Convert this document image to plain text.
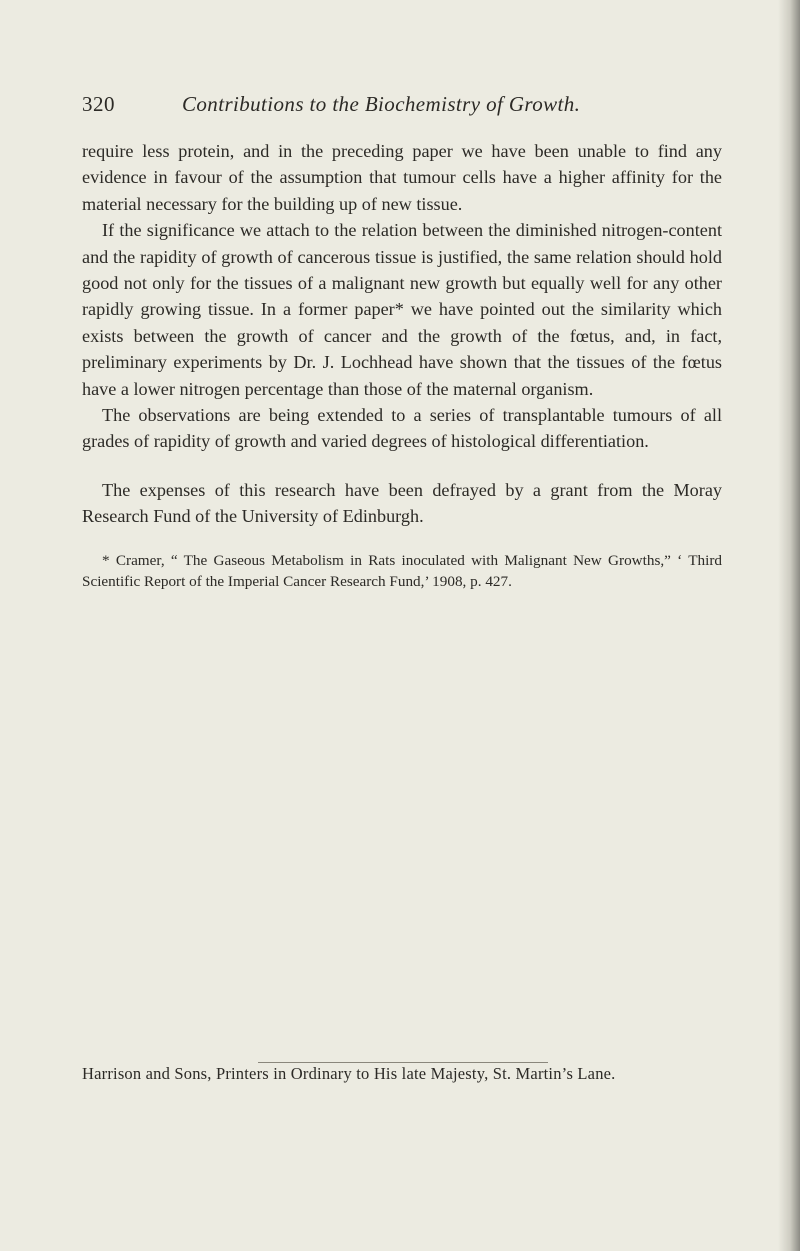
320	Contributions to the Biochemistry of Growth.

require less protein, and in the preceding paper we have been unable to find any evidence in favour of the assumption that tumour cells have a higher affinity for the material necessary for the building up of new tissue.

If the significance we attach to the relation between the diminished nitrogen-content and the rapidity of growth of cancerous tissue is justified, the same relation should hold good not only for the tissues of a malignant new growth but equally well for any other rapidly growing tissue. In a former paper* we have pointed out the similarity which exists between the growth of cancer and the growth of the fœtus, and, in fact, preliminary experiments by Dr. J. Lochhead have shown that the tissues of the fœtus have a lower nitrogen percentage than those of the maternal organism.

The observations are being extended to a series of transplantable tumours of all grades of rapidity of growth and varied degrees of histological differentiation.

The expenses of this research have been defrayed by a grant from the Moray Research Fund of the University of Edinburgh.

* Cramer, “ The Gaseous Metabolism in Rats inoculated with Malignant New Growths,” ‘ Third Scientific Report of the Imperial Cancer Research Fund,’ 1908, p. 427.

Harrison and Sons, Printers in Ordinary to His late Majesty, St. Martin’s Lane.
